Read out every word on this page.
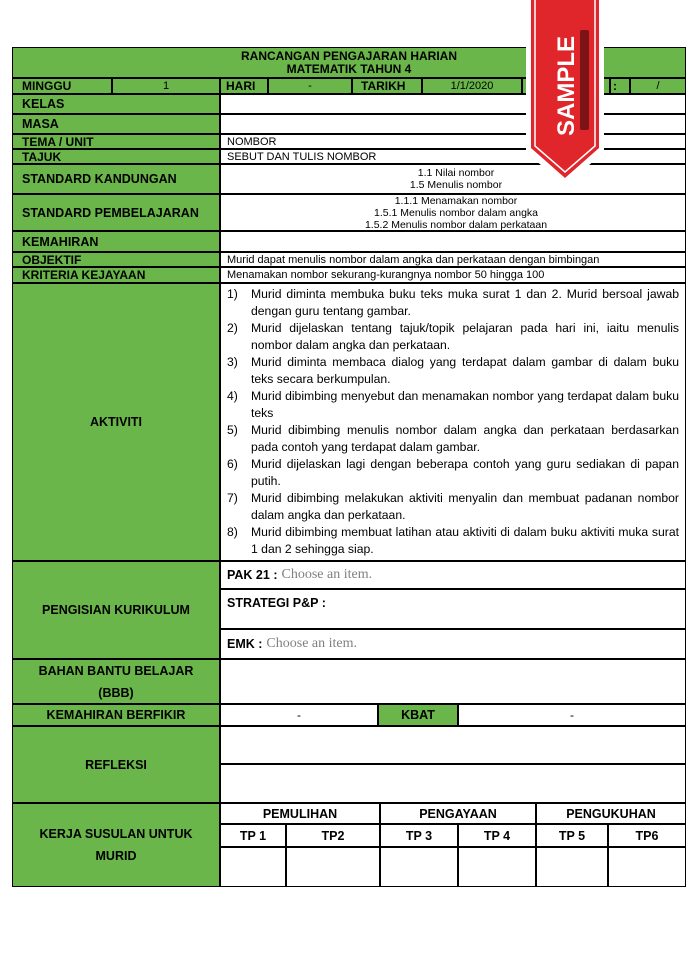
RANCANGAN PENGAJARAN HARIAN
MATEMATIK TAHUN 4
MINGGU	1	HARI	-	TARIKH	1/1/2020	:	/
KELAS
MASA
TEMA / UNIT	NOMBOR
TAJUK	SEBUT DAN TULIS NOMBOR
STANDARD KANDUNGAN	1.1 Nilai nombor
1.5 Menulis nombor
STANDARD PEMBELAJARAN
1.1.1 Menamakan nombor
1.5.1 Menulis nombor dalam angka
1.5.2 Menulis nombor dalam perkataan
KEMAHIRAN
OBJEKTIF	Murid dapat menulis nombor dalam angka dan perkataan dengan bimbingan
KRITERIA KEJAYAAN	Menamakan nombor sekurang-kurangnya nombor 50 hingga 100
AKTIVITI
1)	Murid diminta membuka buku teks muka surat 1 dan 2. Murid bersoal jawab dengan guru tentang gambar.
2)	Murid dijelaskan tentang tajuk/topik pelajaran pada hari ini, iaitu menulis nombor dalam angka dan perkataan.
3)	Murid diminta membaca dialog yang terdapat dalam gambar di dalam buku teks secara berkumpulan.
4)	Murid dibimbing menyebut dan menamakan nombor yang terdapat dalam buku teks
5)	Murid dibimbing menulis nombor dalam angka dan perkataan berdasarkan pada contoh yang terdapat dalam gambar.
6)	Murid dijelaskan lagi dengan beberapa contoh yang guru sediakan di papan putih.
7)	Murid dibimbing melakukan aktiviti menyalin dan membuat padanan nombor dalam angka dan perkataan.
8)	Murid dibimbing membuat latihan atau aktiviti di dalam buku aktiviti muka surat 1 dan 2 sehingga siap.
PENGISIAN KURIKULUM
PAK 21 : Choose an item.
STRATEGI P&P :
EMK : Choose an item.
BAHAN BANTU BELAJAR
(BBB)
KEMAHIRAN BERFIKIR	-	KBAT	-
REFLEKSI
KERJA SUSULAN UNTUK
MURID
PEMULIHAN	PENGAYAAN	PENGUKUHAN
TP 1	TP2	TP 3	TP 4	TP 5	TP6
SAMPLE
